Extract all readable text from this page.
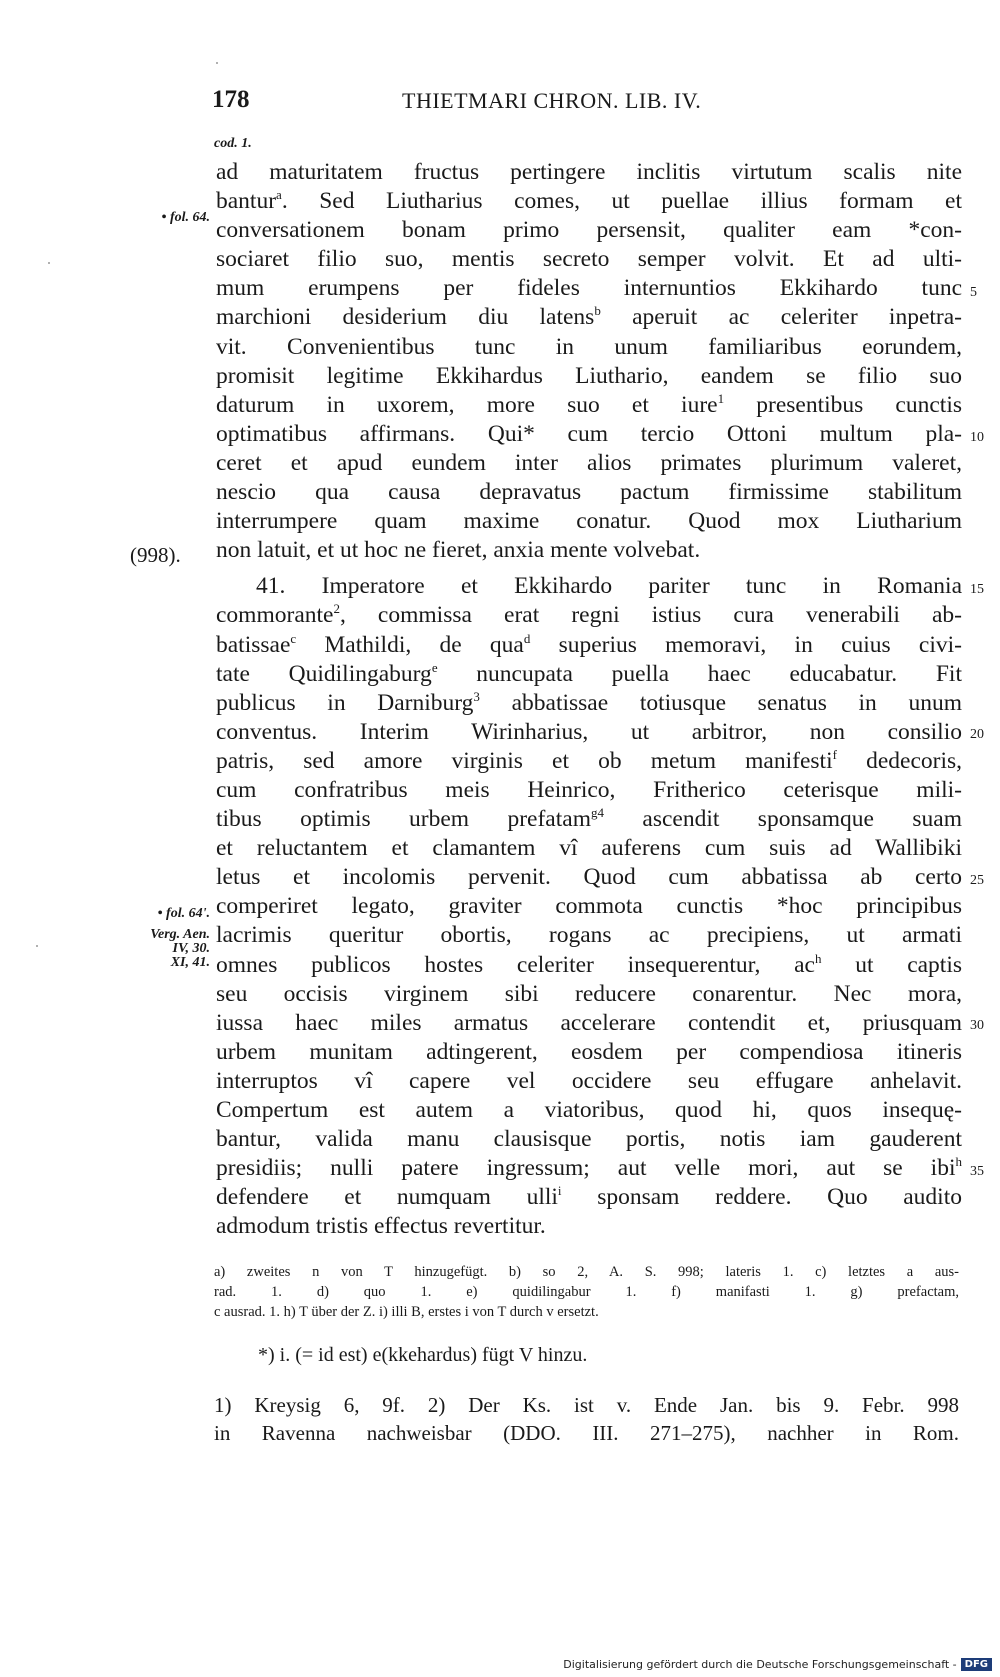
178	THIETMARI CHRON. LIB. IV.
cod. 1.
• fol. 64.
(998).
• fol. 64'.
Verg. Aen.
IV, 30.
XI, 41.
5
10
15
20
25
30
35
ad maturitatem fructus pertingere inclitis virtutum scalis nite
bantur$^a$. Sed Liutharius comes, ut puellae illius formam et
conversationem bonam primo persensit, qualiter eam *con-
sociaret filio suo, mentis secreto semper volvit. Et ad ulti-
mum erumpens per fideles internuntios Ekkihardo tunc
marchioni desiderium diu latens$^b$ aperuit ac celeriter inpetra-
vit. Convenientibus tunc in unum familiaribus eorundem,
promisit legitime Ekkihardus Liuthario, eandem se filio suo
daturum in uxorem, more suo et iure$^1$ presentibus cunctis
optimatibus affirmans. Qui* cum tercio Ottoni multum pla-
ceret et apud eundem inter alios primates plurimum valeret,
nescio qua causa depravatus pactum firmissime stabilitum
interrumpere quam maxime conatur. Quod mox Liutharium
non latuit, et ut hoc ne fieret, anxia mente volvebat.
41. Imperatore et Ekkihardo pariter tunc in Romania
commorante$^2$, commissa erat regni istius cura venerabili ab-
batissae$^c$ Mathildi, de qua$^d$ superius memoravi, in cuius civi-
tate Quidilingaburg$^e$ nuncupata puella haec educabatur. Fit
publicus in Darniburg$^3$ abbatissae totiusque senatus in unum
conventus. Interim Wirinharius, ut arbitror, non consilio
patris, sed amore virginis et ob metum manifesti$^f$ dedecoris,
cum confratribus meis Heinrico, Fritherico ceterisque mili-
tibus optimis urbem prefatam$^{g4}$ ascendit sponsamque suam
et reluctantem et clamantem vî auferens cum suis ad Wallibiki
letus et incolomis pervenit. Quod cum abbatissa ab certo
comperiret legato, graviter commota cunctis *hoc principibus
lacrimis queritur obortis, rogans ac precipiens, ut armati
omnes publicos hostes celeriter insequerentur, $ac^h$ ut captis
seu occisis virginem sibi reducere conarentur. Nec mora,
iussa haec miles armatus accelerare contendit et, priusquam
urbem munitam adtingerent, eosdem per compendiosa itineris
interruptos vî capere vel occidere seu effugare anhelavit.
Compertum est autem a viatoribus, quod hi, quos insequę-
bantur, valida manu clausisque portis, notis iam gauderent
presidiis; nulli patere ingressum; aut velle mori, aut se ibi$^h$
defendere et numquam ulli$^i$ sponsam reddere. Quo audito
admodum tristis effectus revertitur.
a) zweites n von T hinzugefügt. b) so 2, A. S. 998; lateris 1. c) letztes a aus-
rad. 1. d) quo 1. e) quidilingabur 1. f) manifasti 1. g) prefactam,
c ausrad. 1. h) T über der Z. i) illi B, erstes i von T durch v ersetzt.
*) i. (= id est) e(kkehardus) fügt V hinzu.
1) Kreysig 6, 9f. 2) Der Ks. ist v. Ende Jan. bis 9. Febr. 998
in Ravenna nachweisbar (DDO. III. 271–275), nachher in Rom.
Digitalisierung gefördert durch die Deutsche Forschungsgemeinschaft - DFG
